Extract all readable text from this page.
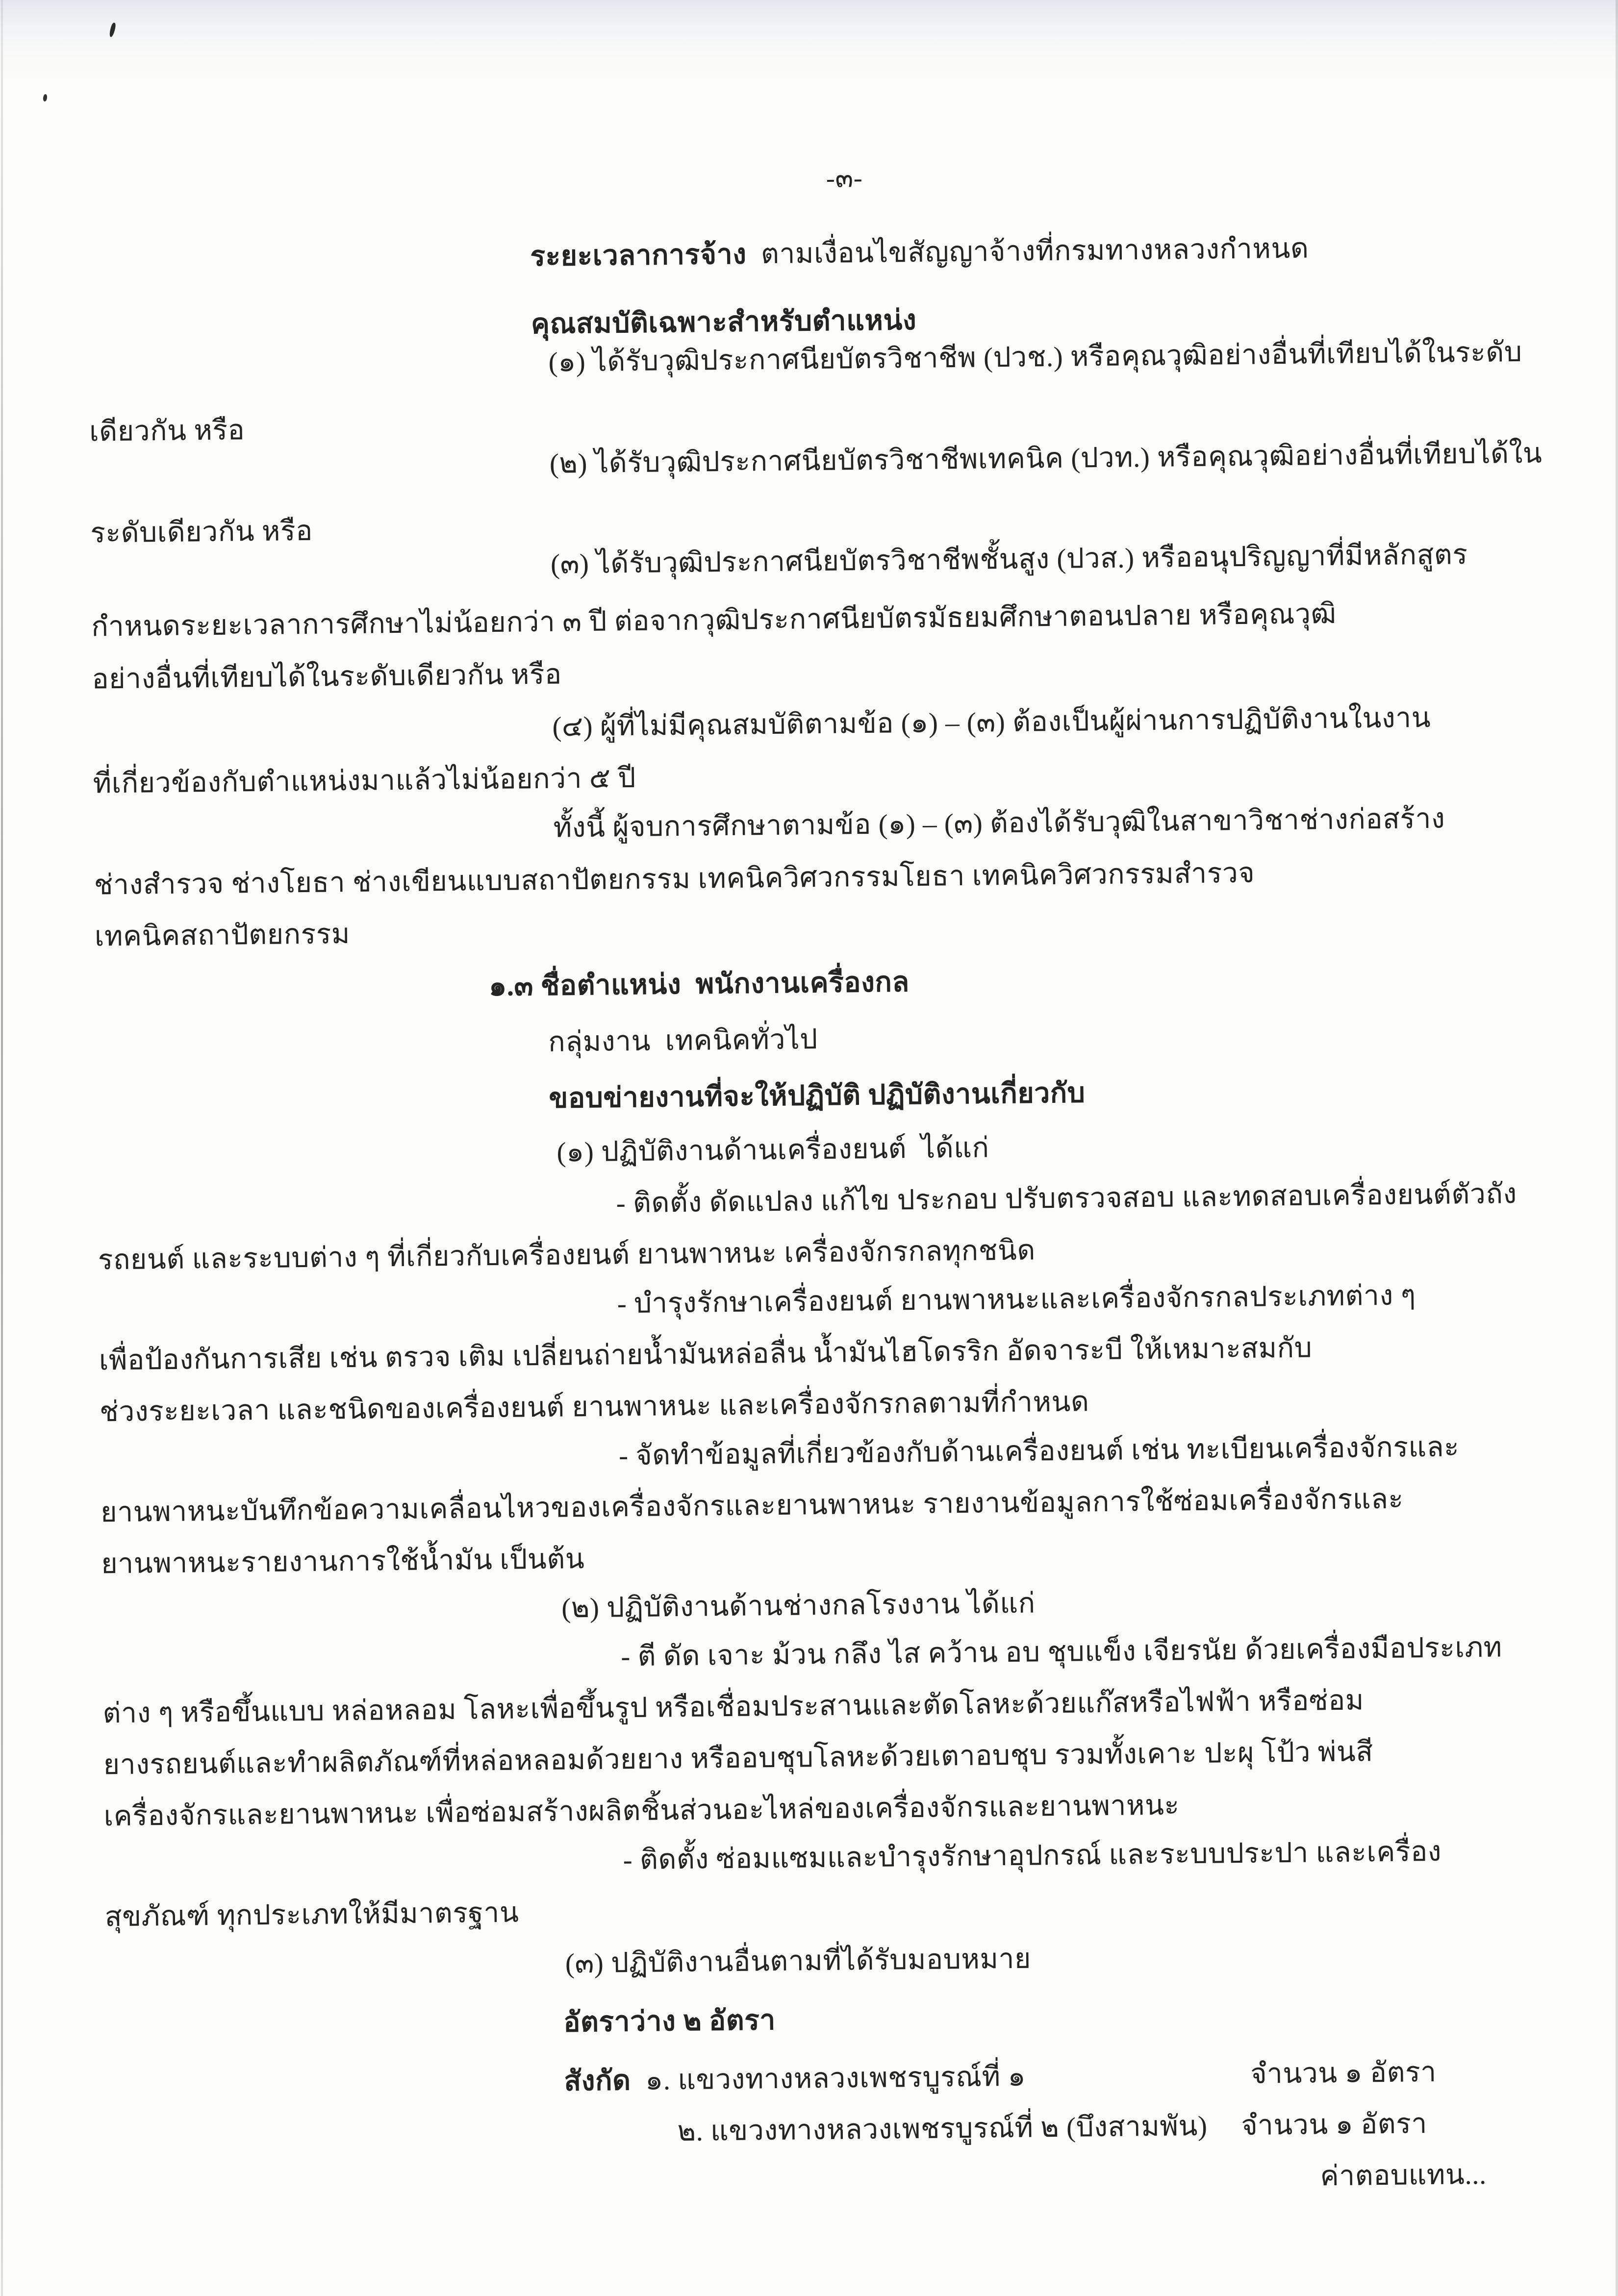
-๓-
ระยะเวลาการจ้าง  ตามเงื่อนไขสัญญาจ้างที่กรมทางหลวงกำหนด
คุณสมบัติเฉพาะสำหรับตำแหน่ง
(๑) ได้รับวุฒิประกาศนียบัตรวิชาชีพ (ปวช.) หรือคุณวุฒิอย่างอื่นที่เทียบได้ในระดับ
เดียวกัน หรือ
(๒) ได้รับวุฒิประกาศนียบัตรวิชาชีพเทคนิค (ปวท.) หรือคุณวุฒิอย่างอื่นที่เทียบได้ใน
ระดับเดียวกัน หรือ
(๓) ได้รับวุฒิประกาศนียบัตรวิชาชีพชั้นสูง (ปวส.) หรืออนุปริญญาที่มีหลักสูตร
กำหนดระยะเวลาการศึกษาไม่น้อยกว่า ๓ ปี ต่อจากวุฒิประกาศนียบัตรมัธยมศึกษาตอนปลาย หรือคุณวุฒิ
อย่างอื่นที่เทียบได้ในระดับเดียวกัน หรือ
(๔) ผู้ที่ไม่มีคุณสมบัติตามข้อ (๑) – (๓) ต้องเป็นผู้ผ่านการปฏิบัติงานในงาน
ที่เกี่ยวข้องกับตำแหน่งมาแล้วไม่น้อยกว่า ๕ ปี
ทั้งนี้ ผู้จบการศึกษาตามข้อ (๑) – (๓) ต้องได้รับวุฒิในสาขาวิชาช่างก่อสร้าง
ช่างสำรวจ ช่างโยธา ช่างเขียนแบบสถาปัตยกรรม เทคนิควิศวกรรมโยธา เทคนิควิศวกรรมสำรวจ
เทคนิคสถาปัตยกรรม
๑.๓ ชื่อตำแหน่ง  พนักงานเครื่องกล
กลุ่มงาน  เทคนิคทั่วไป
ขอบข่ายงานที่จะให้ปฏิบัติ ปฏิบัติงานเกี่ยวกับ
(๑) ปฏิบัติงานด้านเครื่องยนต์  ได้แก่
- ติดตั้ง ดัดแปลง แก้ไข ประกอบ ปรับตรวจสอบ และทดสอบเครื่องยนต์ตัวถัง
รถยนต์ และระบบต่าง ๆ ที่เกี่ยวกับเครื่องยนต์ ยานพาหนะ เครื่องจักรกลทุกชนิด
- บำรุงรักษาเครื่องยนต์ ยานพาหนะและเครื่องจักรกลประเภทต่าง ๆ
เพื่อป้องกันการเสีย เช่น ตรวจ เติม เปลี่ยนถ่ายน้ำมันหล่อลื่น น้ำมันไฮโดรริก อัดจาระบี ให้เหมาะสมกับ
ช่วงระยะเวลา และชนิดของเครื่องยนต์ ยานพาหนะ และเครื่องจักรกลตามที่กำหนด
- จัดทำข้อมูลที่เกี่ยวข้องกับด้านเครื่องยนต์ เช่น ทะเบียนเครื่องจักรและ
ยานพาหนะบันทึกข้อความเคลื่อนไหวของเครื่องจักรและยานพาหนะ รายงานข้อมูลการใช้ซ่อมเครื่องจักรและ
ยานพาหนะรายงานการใช้น้ำมัน เป็นต้น
(๒) ปฏิบัติงานด้านช่างกลโรงงาน ได้แก่
- ตี ดัด เจาะ ม้วน กลึง ไส คว้าน อบ ชุบแข็ง เจียรนัย ด้วยเครื่องมือประเภท
ต่าง ๆ หรือขึ้นแบบ หล่อหลอม โลหะเพื่อขึ้นรูป หรือเชื่อมประสานและตัดโลหะด้วยแก๊สหรือไฟฟ้า หรือซ่อม
ยางรถยนต์และทำผลิตภัณฑ์ที่หล่อหลอมด้วยยาง หรืออบชุบโลหะด้วยเตาอบชุบ รวมทั้งเคาะ ปะผุ โป้ว พ่นสี
เครื่องจักรและยานพาหนะ เพื่อซ่อมสร้างผลิตชิ้นส่วนอะไหล่ของเครื่องจักรและยานพาหนะ
- ติดตั้ง ซ่อมแซมและบำรุงรักษาอุปกรณ์ และระบบประปา และเครื่อง
สุขภัณฑ์ ทุกประเภทให้มีมาตรฐาน
(๓) ปฏิบัติงานอื่นตามที่ได้รับมอบหมาย
อัตราว่าง ๒ อัตรา
สังกัด  ๑. แขวงทางหลวงเพชรบูรณ์ที่ ๑	จำนวน ๑ อัตรา
๒. แขวงทางหลวงเพชรบูรณ์ที่ ๒ (บึงสามพัน) จำนวน ๑ อัตรา
ค่าตอบแทน...
